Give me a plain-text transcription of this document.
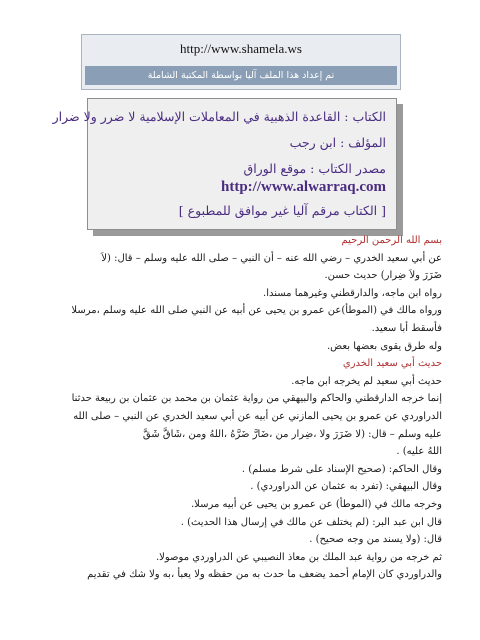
http://www.shamela.ws
تم إعداد هذا الملف آليا بواسطة المكتبة الشاملة
الكتاب : القاعدة الذهبية في المعاملات الإسلامية لا ضرر ولا ضرار
المؤلف : ابن رجب
مصدر الكتاب : موقع الوراق
http://www.alwarraq.com
[ الكتاب مرقم آليا غير موافق للمطبوع ]
بسم الله الرحمن الرحيم
عن أبي سعيد الخدري – رضي الله عنه – أن النبي – صلى الله عليه وسلم – قال: (لاَ
ضَرَرَ ولاَ ضِرار) حديث حسن.
رواه ابن ماجه، والدارقطني وغيرهما مسندا.
ورواه مالك في (الموطأ)عن عمرو بن يحيى عن أبيه عن النبي صلى الله عليه وسلم ،مرسلا
فأسقط أبا سعيد.
وله طرق يقوى بعضها بعض.
حديث أبي سعيد الخدري
حديث أبي سعيد لم يخرجه ابن ماجه.
إنما خرجه الدارقطني والحاكم والبيهقي من رواية عثمان بن محمد بن عثمان بن ربيعة حدثنا
الدراوردي عن عمرو بن يحيى المازني عن أبيه عن أبي سعيد الخدري عن النبي – صلى الله
عليه وسلم – قال: (لا ضَرَرَ ولا ،ضِرار من ،ضَارَّ ضَرَّهُ ،اللهُ ومن ،شَاقَّ شَقَّ
اللهُ عليه) .
وقال الحاكم: (صحيح الإسناد على شرط مسلم) .
وقال البيهقي: (تفرد به عثمان عن الدراوردي) .
وخرجه مالك في (الموطأ) عن عمرو بن يحيى عن أبيه مرسلا.
قال ابن عبد البر: (لم يختلف عن مالك في إرسال هذا الحديث) .
قال: (ولا يسند من وجه صحيح) .
ثم خرجه من رواية عبد الملك بن معاذ النصيبي عن الدراوردي موصولا.
والدراوردي كان الإمام أحمد يضعف ما حدث به من حفظه ولا يعبأ ،به ولا شك في تقديم
